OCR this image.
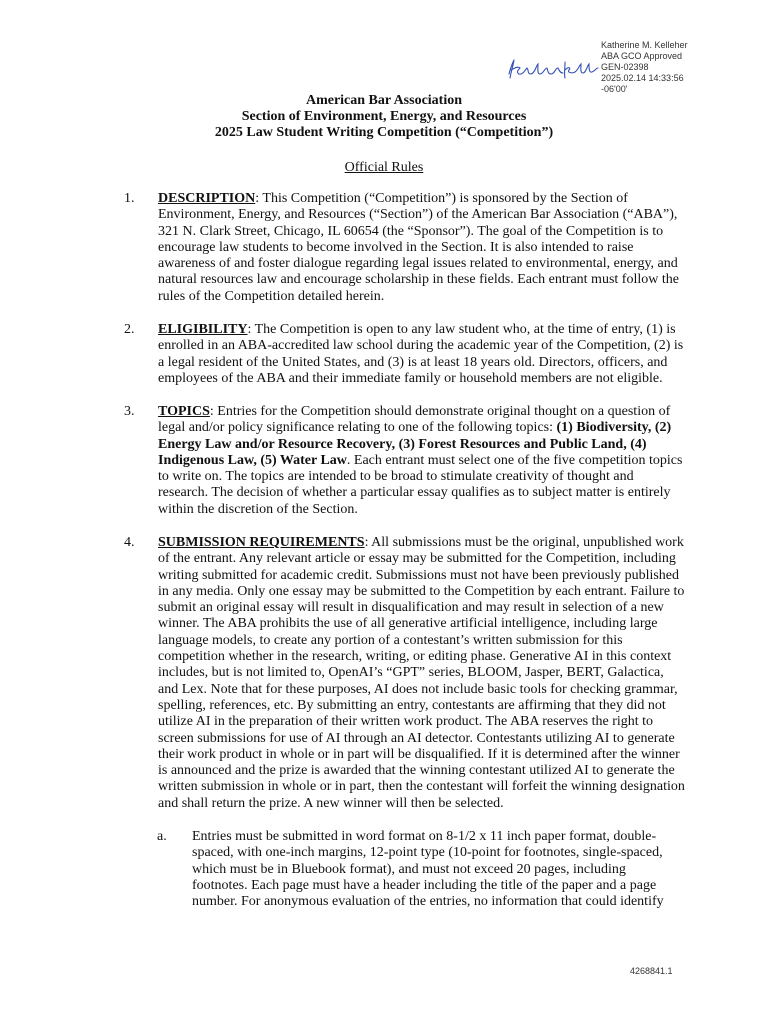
Katherine M. Kelleher
ABA GCO Approved
GEN-02398
2025.02.14 14:33:56
-06'00'
American Bar Association
Section of Environment, Energy, and Resources
2025 Law Student Writing Competition (“Competition”)
Official Rules
1. DESCRIPTION: This Competition (“Competition”) is sponsored by the Section of
Environment, Energy, and Resources (“Section”) of the American Bar Association (“ABA”),
321 N. Clark Street, Chicago, IL 60654 (the “Sponsor”). The goal of the Competition is to
encourage law students to become involved in the Section. It is also intended to raise
awareness of and foster dialogue regarding legal issues related to environmental, energy, and
natural resources law and encourage scholarship in these fields. Each entrant must follow the
rules of the Competition detailed herein.
2. ELIGIBILITY: The Competition is open to any law student who, at the time of entry, (1) is
enrolled in an ABA-accredited law school during the academic year of the Competition, (2) is
a legal resident of the United States, and (3) is at least 18 years old. Directors, officers, and
employees of the ABA and their immediate family or household members are not eligible.
3. TOPICS: Entries for the Competition should demonstrate original thought on a question of
legal and/or policy significance relating to one of the following topics: (1) Biodiversity, (2)
Energy Law and/or Resource Recovery, (3) Forest Resources and Public Land, (4)
Indigenous Law, (5) Water Law. Each entrant must select one of the five competition topics
to write on. The topics are intended to be broad to stimulate creativity of thought and
research. The decision of whether a particular essay qualifies as to subject matter is entirely
within the discretion of the Section.
4. SUBMISSION REQUIREMENTS: All submissions must be the original, unpublished work
of the entrant. Any relevant article or essay may be submitted for the Competition, including
writing submitted for academic credit. Submissions must not have been previously published
in any media. Only one essay may be submitted to the Competition by each entrant. Failure to
submit an original essay will result in disqualification and may result in selection of a new
winner. The ABA prohibits the use of all generative artificial intelligence, including large
language models, to create any portion of a contestant’s written submission for this
competition whether in the research, writing, or editing phase. Generative AI in this context
includes, but is not limited to, OpenAI’s “GPT” series, BLOOM, Jasper, BERT, Galactica,
and Lex. Note that for these purposes, AI does not include basic tools for checking grammar,
spelling, references, etc. By submitting an entry, contestants are affirming that they did not
utilize AI in the preparation of their written work product. The ABA reserves the right to
screen submissions for use of AI through an AI detector. Contestants utilizing AI to generate
their work product in whole or in part will be disqualified. If it is determined after the winner
is announced and the prize is awarded that the winning contestant utilized AI to generate the
written submission in whole or in part, then the contestant will forfeit the winning designation
and shall return the prize. A new winner will then be selected.
a. Entries must be submitted in word format on 8-1/2 x 11 inch paper format, double-
spaced, with one-inch margins, 12-point type (10-point for footnotes, single-spaced,
which must be in Bluebook format), and must not exceed 20 pages, including
footnotes. Each page must have a header including the title of the paper and a page
number. For anonymous evaluation of the entries, no information that could identify
4268841.1
